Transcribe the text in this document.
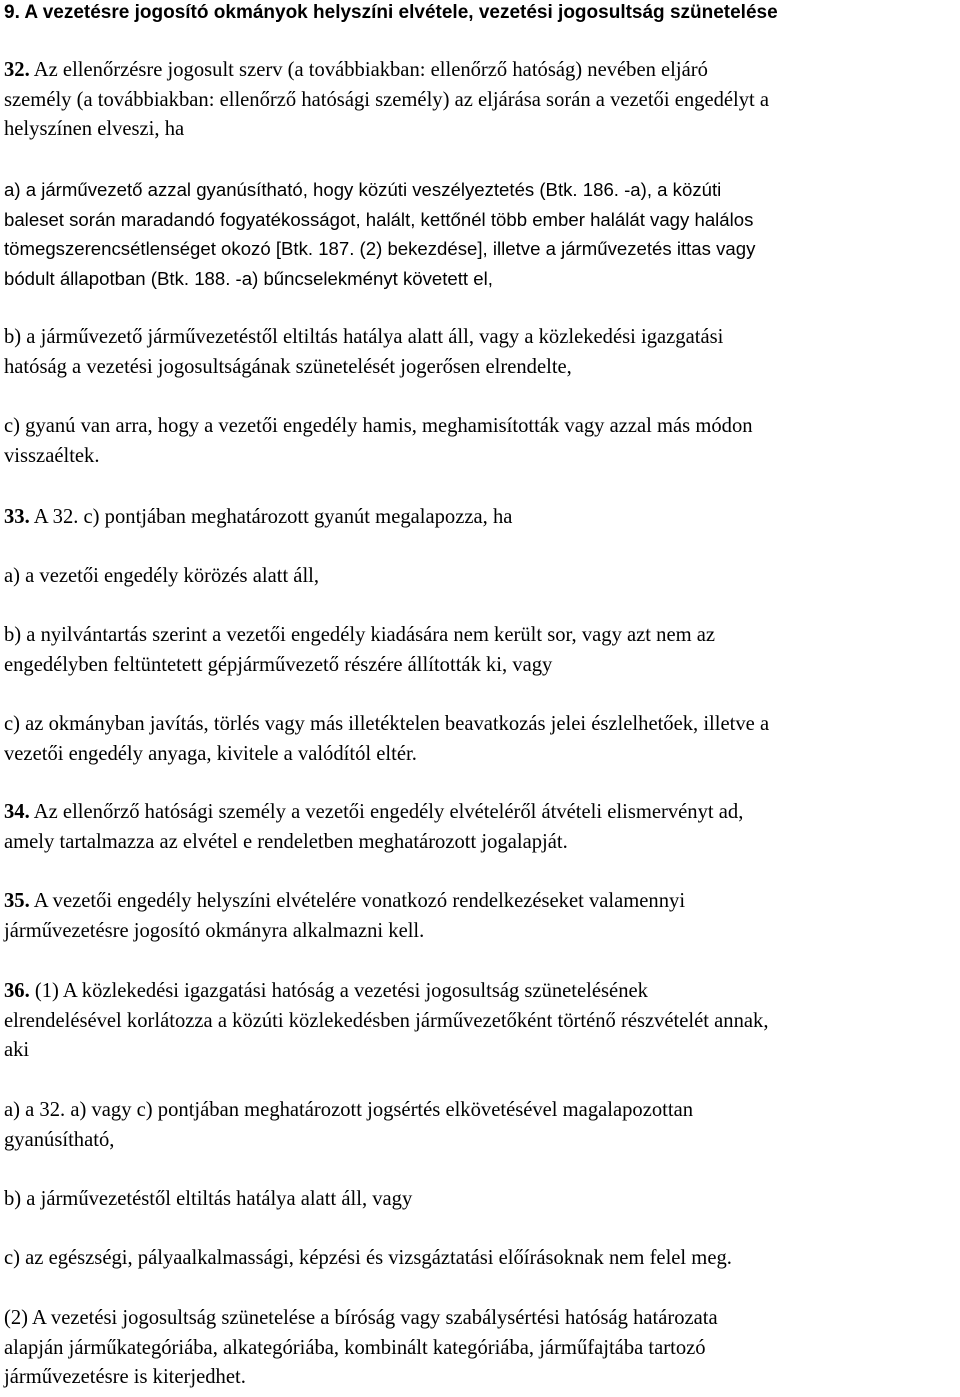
9. A vezetésre jogosító okmányok helyszíni elvétele, vezetési jogosultság szünetelése
32. Az ellenőrzésre jogosult szerv (a továbbiakban: ellenőrző hatóság) nevében eljáró
személy (a továbbiakban: ellenőrző hatósági személy) az eljárása során a vezetői engedélyt a
helyszínen elveszi, ha
a) a járművezető azzal gyanúsítható, hogy közúti veszélyeztetés (Btk. 186. -a), a közúti
baleset során maradandó fogyatékosságot, halált, kettőnél több ember halálát vagy halálos
tömegszerencsétlenséget okozó [Btk. 187. (2) bekezdése], illetve a járművezetés ittas vagy
bódult állapotban (Btk. 188. -a) bűncselekményt követett el,
b) a járművezető járművezetéstől eltiltás hatálya alatt áll, vagy a közlekedési igazgatási
hatóság a vezetési jogosultságának szünetelését jogerősen elrendelte,
c) gyanú van arra, hogy a vezetői engedély hamis, meghamisították vagy azzal más módon
visszaéltek.
33. A 32. c) pontjában meghatározott gyanút megalapozza, ha
a) a vezetői engedély körözés alatt áll,
b) a nyilvántartás szerint a vezetői engedély kiadására nem került sor, vagy azt nem az
engedélyben feltüntetett gépjárművezető részére állították ki, vagy
c) az okmányban javítás, törlés vagy más illetéktelen beavatkozás jelei észlelhetőek, illetve a
vezetői engedély anyaga, kivitele a valódítól eltér.
34. Az ellenőrző hatósági személy a vezetői engedély elvételéről átvételi elismervényt ad,
amely tartalmazza az elvétel e rendeletben meghatározott jogalapját.
35. A vezetői engedély helyszíni elvételére vonatkozó rendelkezéseket valamennyi
járművezetésre jogosító okmányra alkalmazni kell.
36. (1) A közlekedési igazgatási hatóság a vezetési jogosultság szünetelésének
elrendelésével korlátozza a közúti közlekedésben járművezetőként történő részvételét annak,
aki
a) a 32. a) vagy c) pontjában meghatározott jogsértés elkövetésével magalapozottan
gyanúsítható,
b) a járművezetéstől eltiltás hatálya alatt áll, vagy
c) az egészségi, pályaalkalmassági, képzési és vizsgáztatási előírásoknak nem felel meg.
(2) A vezetési jogosultság szünetelése a bíróság vagy szabálysértési hatóság határozata
alapján járműkategóriába, alkategóriába, kombinált kategóriába, járműfajtába tartozó
járművezetésre is kiterjedhet.
